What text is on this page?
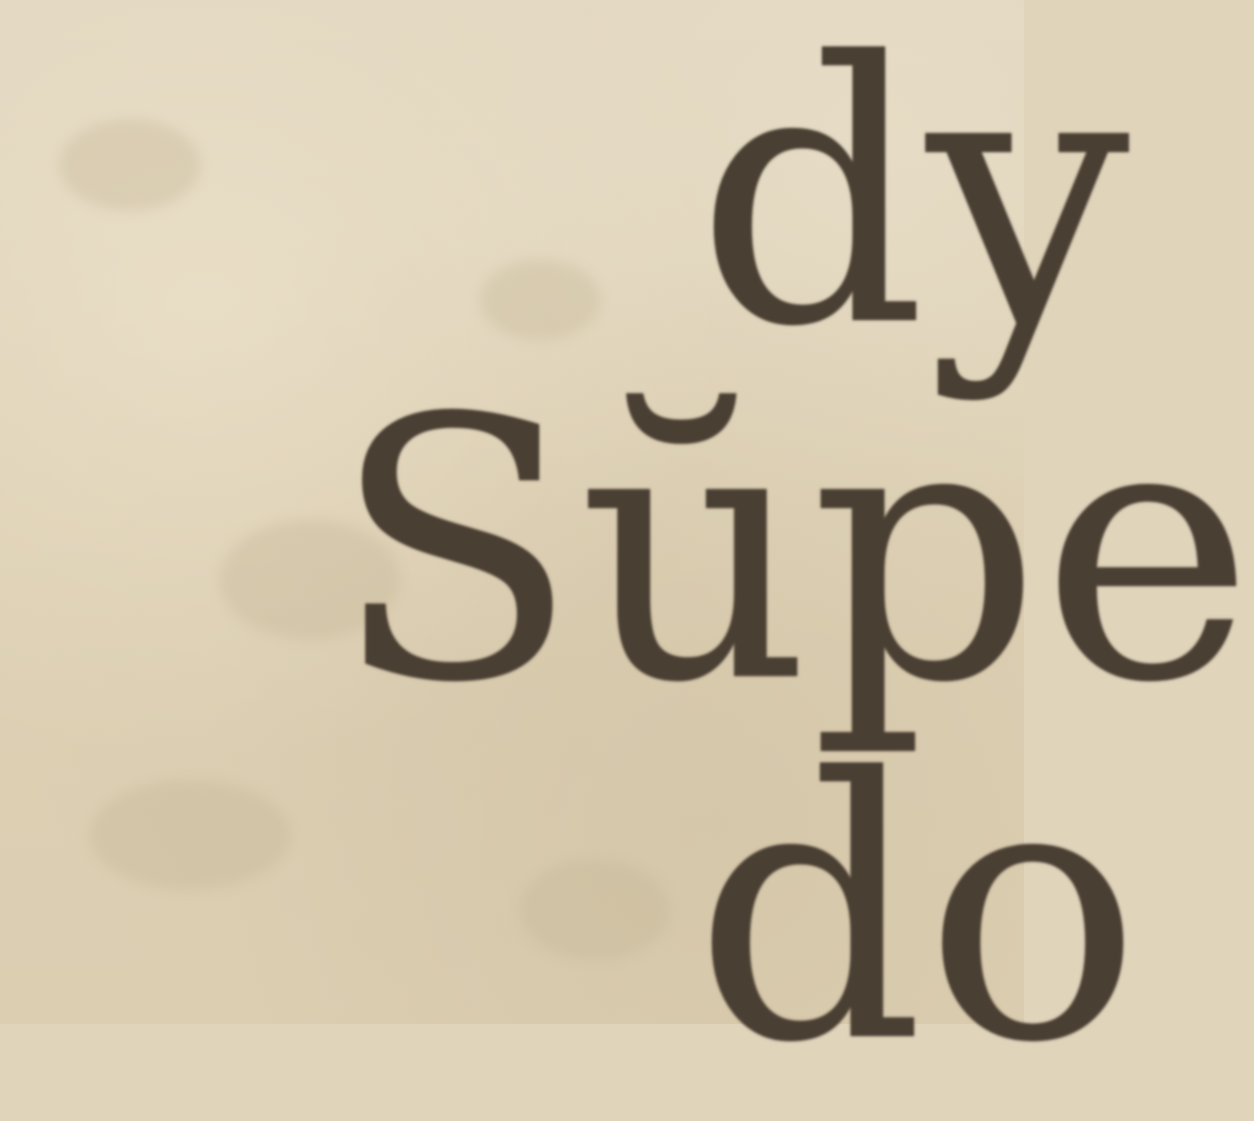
dy

Sŭpe

do
